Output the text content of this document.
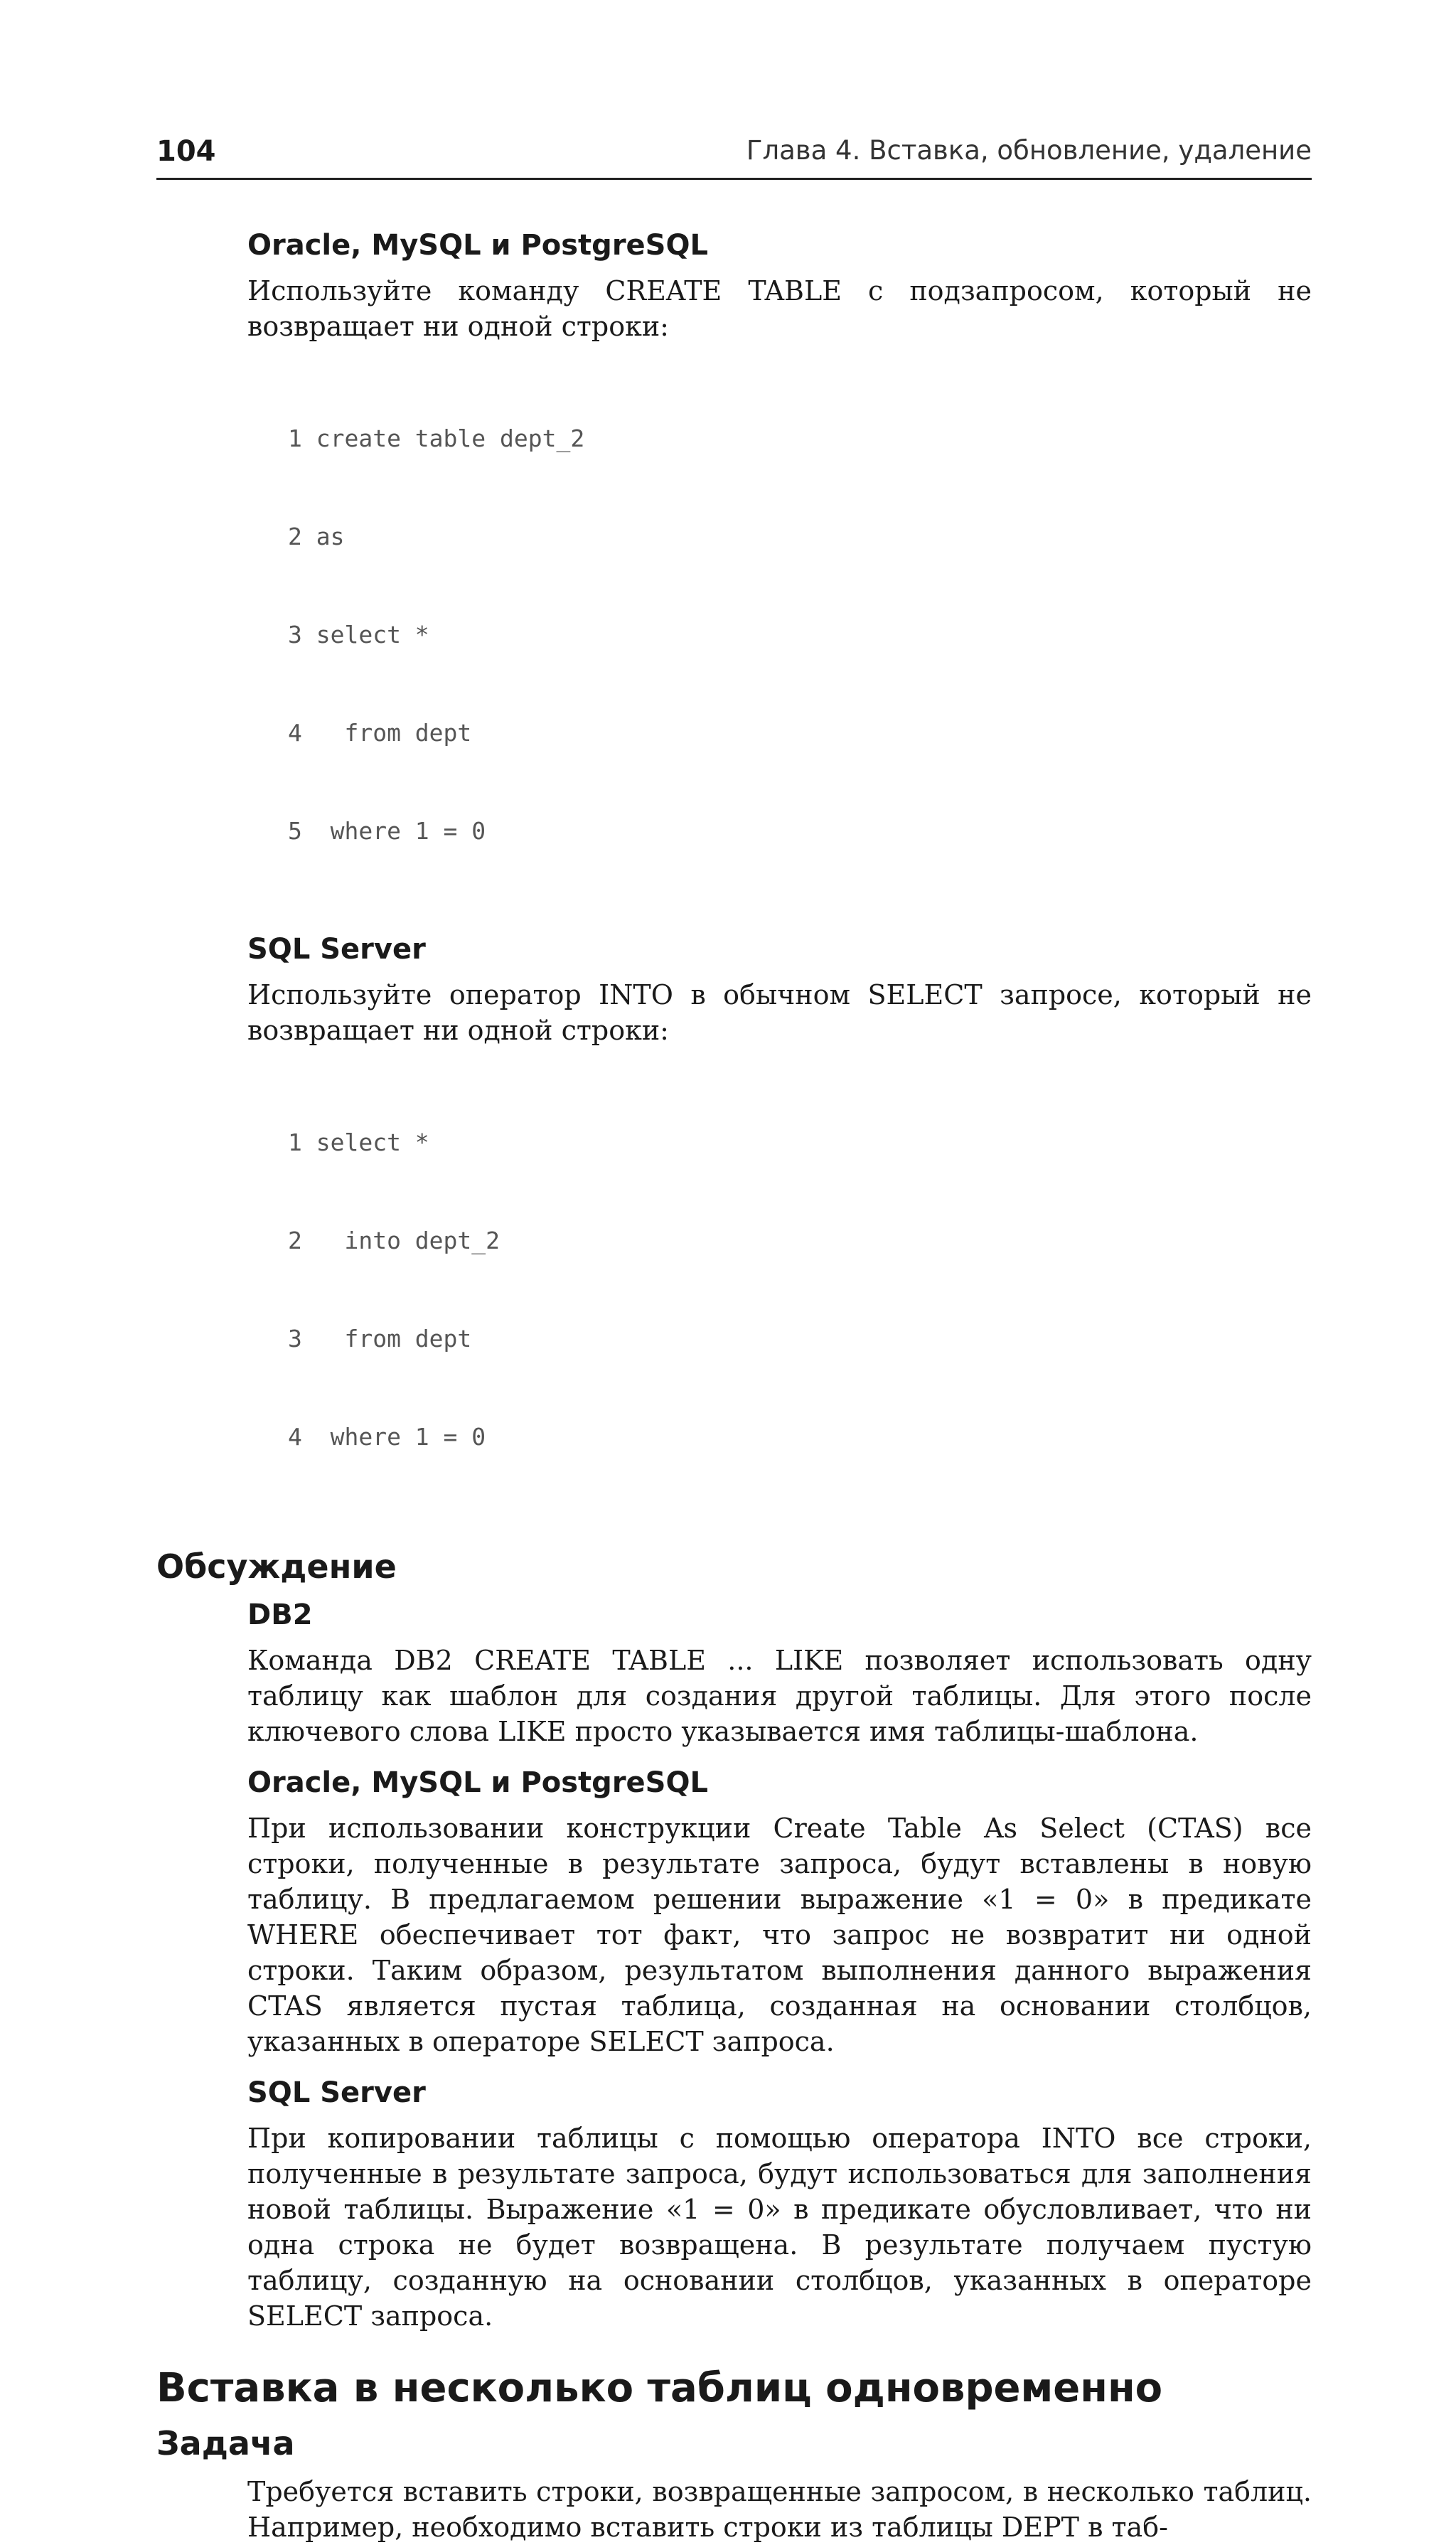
104	Глава 4. Вставка, обновление, удаление
Oracle, MySQL и PostgreSQL

Используйте команду CREATE TABLE с подзапросом, который не возвращает ни одной строки:

1 create table dept_2

2 as

3 select *

4   from dept

5  where 1 = 0

SQL Server

Используйте оператор INTO в обычном SELECT запросе, который не возвращает ни одной строки:

1 select *

2   into dept_2

3   from dept

4  where 1 = 0

Обсуждение
DB2

Команда DB2 CREATE TABLE ... LIKE позволяет использовать одну таблицу как шаблон для создания другой таблицы. Для этого после ключевого слова LIKE просто указывается имя таблицы-шаблона.

Oracle, MySQL и PostgreSQL

При использовании конструкции Create Table As Select (CTAS) все строки, полученные в результате запроса, будут вставлены в новую таблицу. В предлагаемом решении выражение «1 = 0» в предикате WHERE обеспечивает тот факт, что запрос не возвратит ни одной строки. Таким образом, результатом выполнения данного выражения CTAS является пустая таблица, созданная на основании столбцов, указанных в операторе SELECT запроса.

SQL Server

При копировании таблицы с помощью оператора INTO все строки, полученные в результате запроса, будут использоваться для заполнения новой таблицы. Выражение «1 = 0» в предикате обусловливает, что ни одна строка не будет возвращена. В результате получаем пустую таблицу, созданную на основании столбцов, указанных в операторе SELECT запроса.

Вставка в несколько таблиц одновременно
Задача

Требуется вставить строки, возвращенные запросом, в несколько таблиц. Например, необходимо вставить строки из таблицы DEPT в таб-
